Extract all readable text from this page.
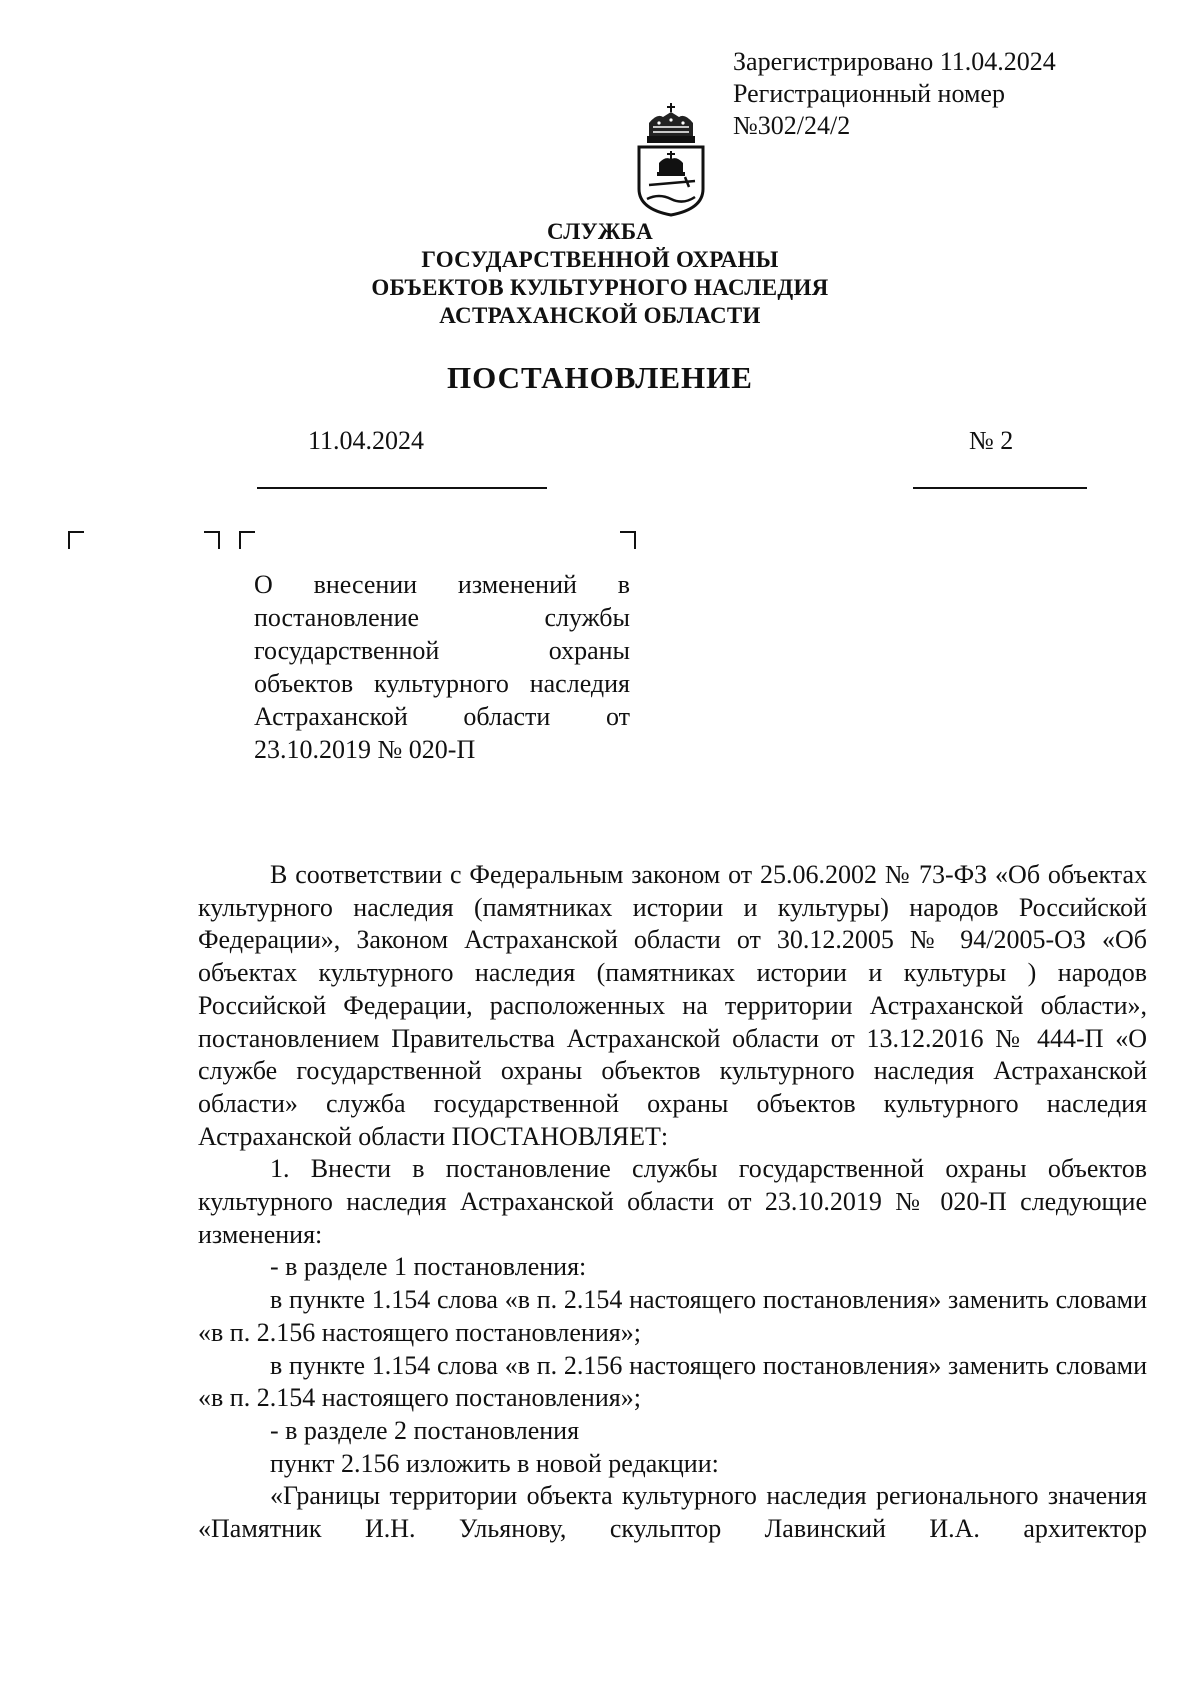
Зарегистрировано 11.04.2024
Регистрационный номер
№302/24/2
СЛУЖБА
ГОСУДАРСТВЕННОЙ ОХРАНЫ
ОБЪЕКТОВ КУЛЬТУРНОГО НАСЛЕДИЯ
АСТРАХАНСКОЙ ОБЛАСТИ
ПОСТАНОВЛЕНИЕ
11.04.2024	№ 2

О внесении изменений в постановление службы государственной охраны объектов культурного наследия Астраханской области от 23.10.2019 № 020-П

В соответствии с Федеральным законом от 25.06.2002 № 73-ФЗ «Об объектах культурного наследия (памятниках истории и культуры) народов Российской Федерации», Законом Астраханской области от 30.12.2005 № 94/2005-ОЗ «Об объектах культурного наследия (памятниках истории и культуры ) народов Российской Федерации, расположенных на территории Астраханской области», постановлением Правительства Астраханской области от 13.12.2016 № 444-П «О службе государственной охраны объектов культурного наследия Астраханской области» служба государственной охраны объектов культурного наследия Астраханской области ПОСТАНОВЛЯЕТ:

1. Внести в постановление службы государственной охраны объектов культурного наследия Астраханской области от 23.10.2019 № 020-П следующие изменения:

- в разделе 1 постановления:

в пункте 1.154 слова «в п. 2.154 настоящего постановления» заменить словами «в п. 2.156 настоящего постановления»;

в пункте 1.154 слова «в п. 2.156 настоящего постановления» заменить словами «в п. 2.154 настоящего постановления»;

- в разделе 2 постановления

пункт 2.156 изложить в новой редакции:

«Границы территории объекта культурного наследия регионального значения «Памятник И.Н. Ульянову, скульптор Лавинский И.А. архитектор
